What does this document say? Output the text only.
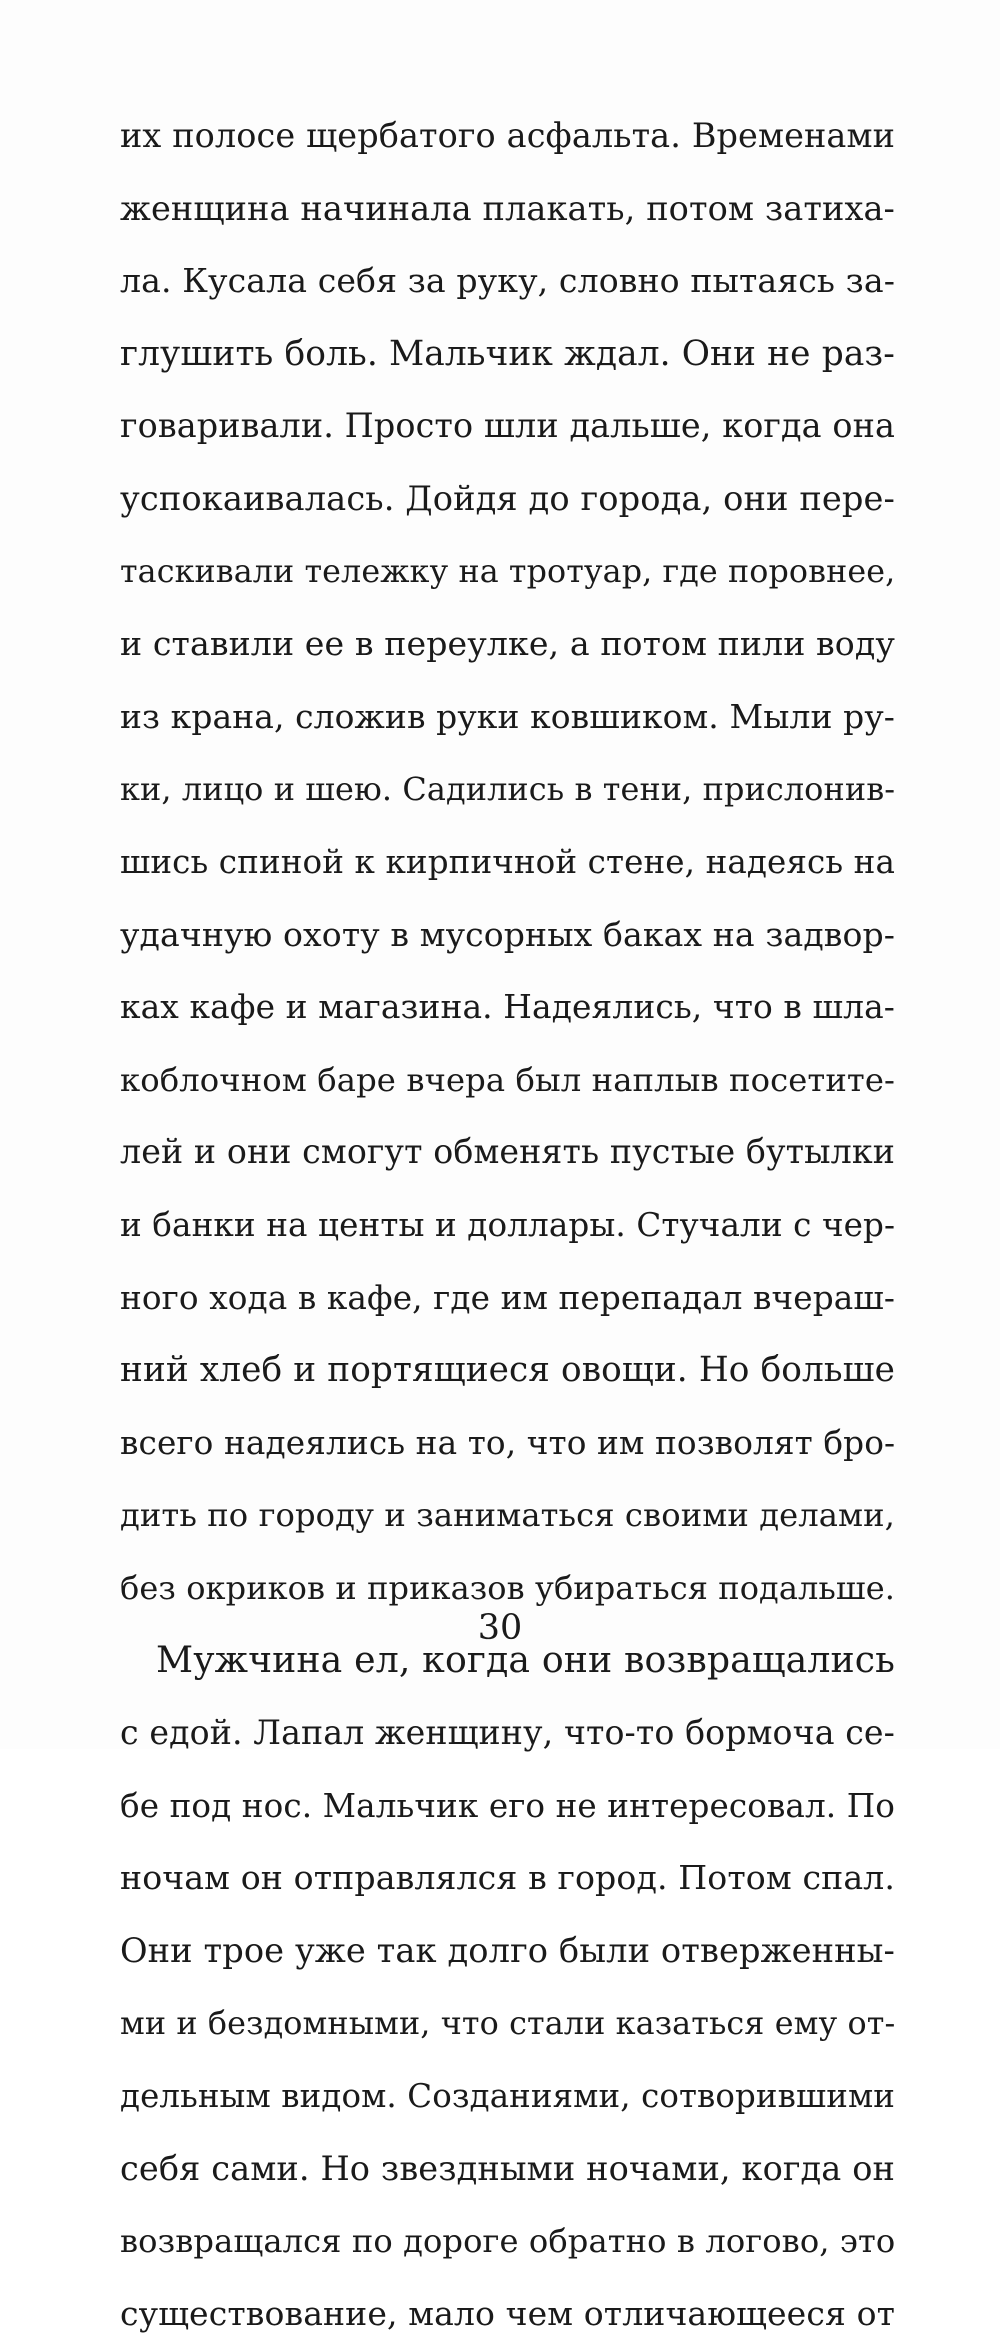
их полосе щербатого асфальта. Временами
женщина начинала плакать, потом затиха-
ла. Кусала себя за руку, словно пытаясь за-
глушить боль. Мальчик ждал. Они не раз-
говаривали. Просто шли дальше, когда она
успокаивалась. Дойдя до города, они пере-
таскивали тележку на тротуар, где поровнее,
и ставили ее в переулке, а потом пили воду
из крана, сложив руки ковшиком. Мыли ру-
ки, лицо и шею. Садились в тени, прислонив-
шись спиной к кирпичной стене, надеясь на
удачную охоту в мусорных баках на задвор-
ках кафе и магазина. Надеялись, что в шла-
коблочном баре вчера был наплыв посетите-
лей и они смогут обменять пустые бутылки
и банки на центы и доллары. Стучали с чер-
ного хода в кафе, где им перепадал вчераш-
ний хлеб и портящиеся овощи. Но больше
всего надеялись на то, что им позволят бро-
дить по городу и заниматься своими делами,
без окриков и приказов убираться подальше.
Мужчина ел, когда они возвращались
с едой. Лапал женщину, что-то бормоча се-
бе под нос. Мальчик его не интересовал. По
ночам он отправлялся в город. Потом спал.
Они трое уже так долго были отверженны-
ми и бездомными, что стали казаться ему от-
дельным видом. Созданиями, сотворившими
себя сами. Но звездными ночами, когда он
возвращался по дороге обратно в логово, это
существование, мало чем отличающееся от
30
